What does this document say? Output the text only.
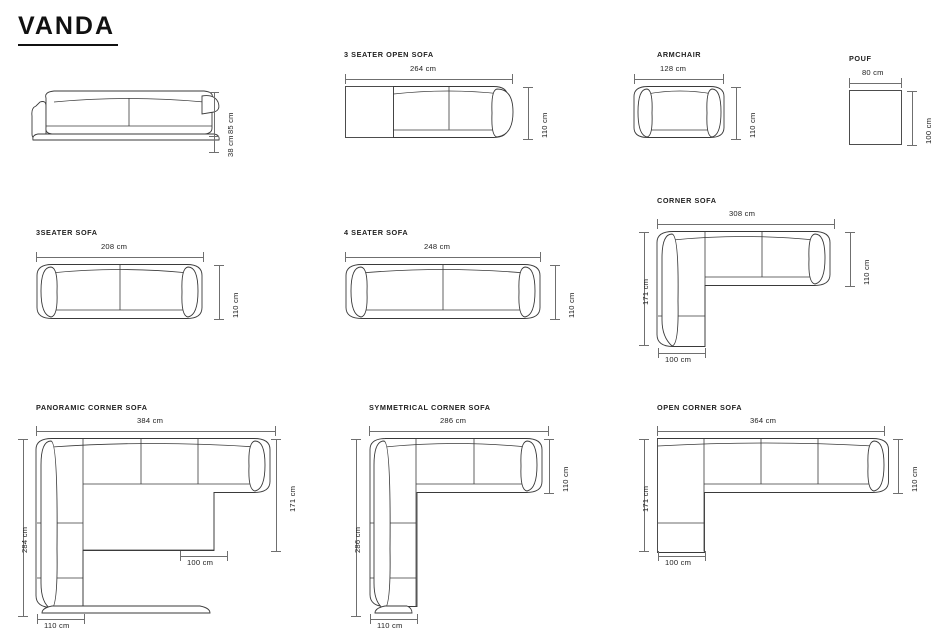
VANDA
85 cm
38 cm
3 SEATER OPEN SOFA
264 cm
110 cm
ARMCHAIR
128 cm
110 cm
POUF
80 cm
100 cm
3SEATER SOFA
208 cm
110 cm
4 SEATER SOFA
248 cm
110 cm
CORNER SOFA
308 cm
110 cm
171 cm
100 cm
PANORAMIC CORNER SOFA
384 cm
171 cm
284 cm
100 cm
110 cm
SYMMETRICAL CORNER SOFA
286 cm
110 cm
286 cm
110 cm
OPEN CORNER SOFA
364 cm
110 cm
171 cm
100 cm
